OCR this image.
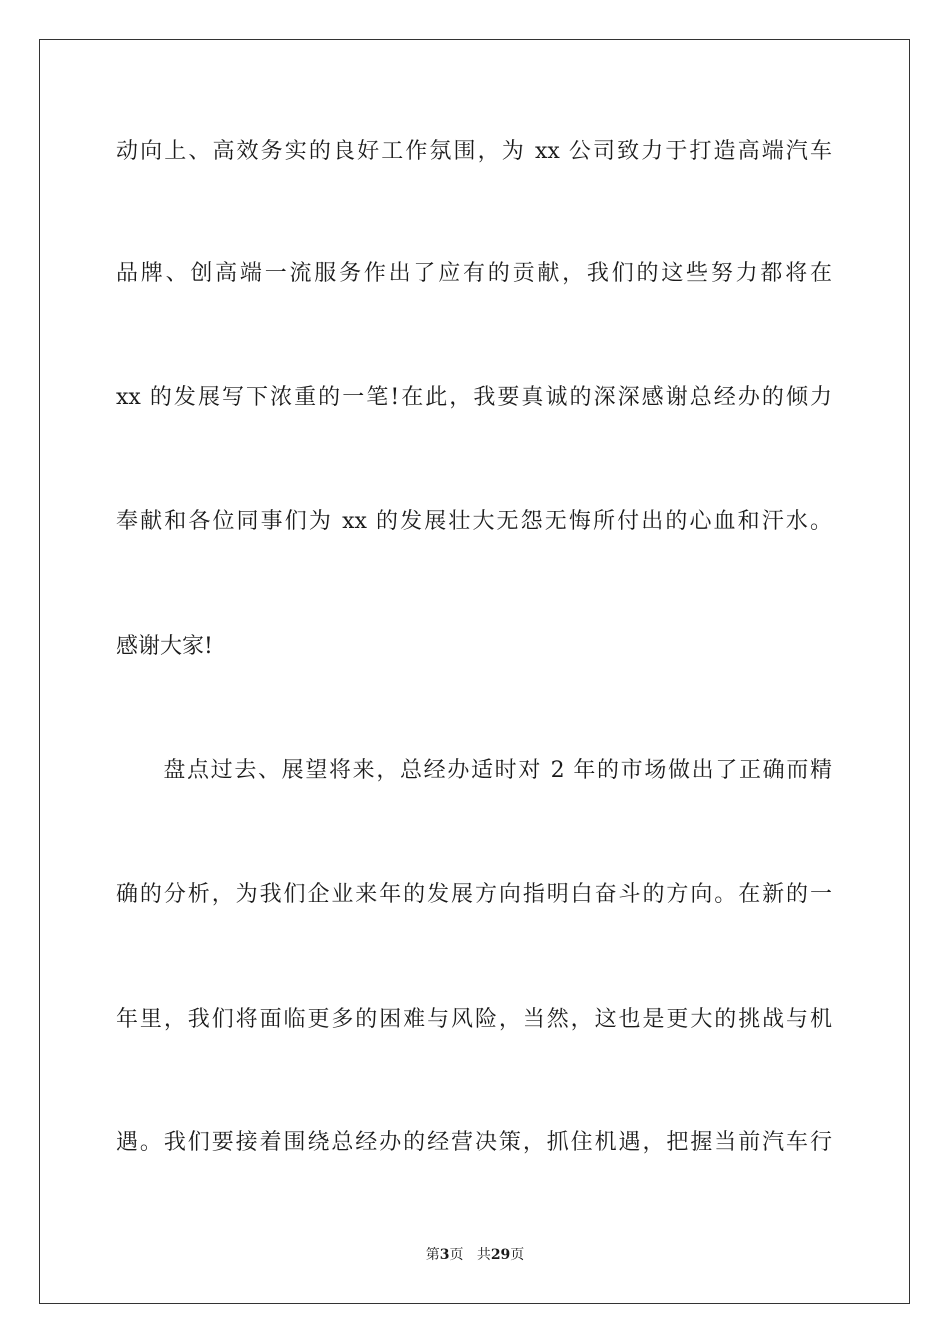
动向上、高效务实的良好工作氛围，为 xx 公司致力于打造高端汽车
品牌、创高端一流服务作出了应有的贡献，我们的这些努力都将在
xx 的发展写下浓重的一笔!在此，我要真诚的深深感谢总经办的倾力
奉献和各位同事们为 xx 的发展壮大无怨无悔所付出的心血和汗水。
感谢大家!
　　盘点过去、展望将来，总经办适时对 2 年的市场做出了正确而精
确的分析，为我们企业来年的发展方向指明白奋斗的方向。在新的一
年里，我们将面临更多的困难与风险，当然，这也是更大的挑战与机
遇。我们要接着围绕总经办的经营决策，抓住机遇，把握当前汽车行
第3页 共29页
